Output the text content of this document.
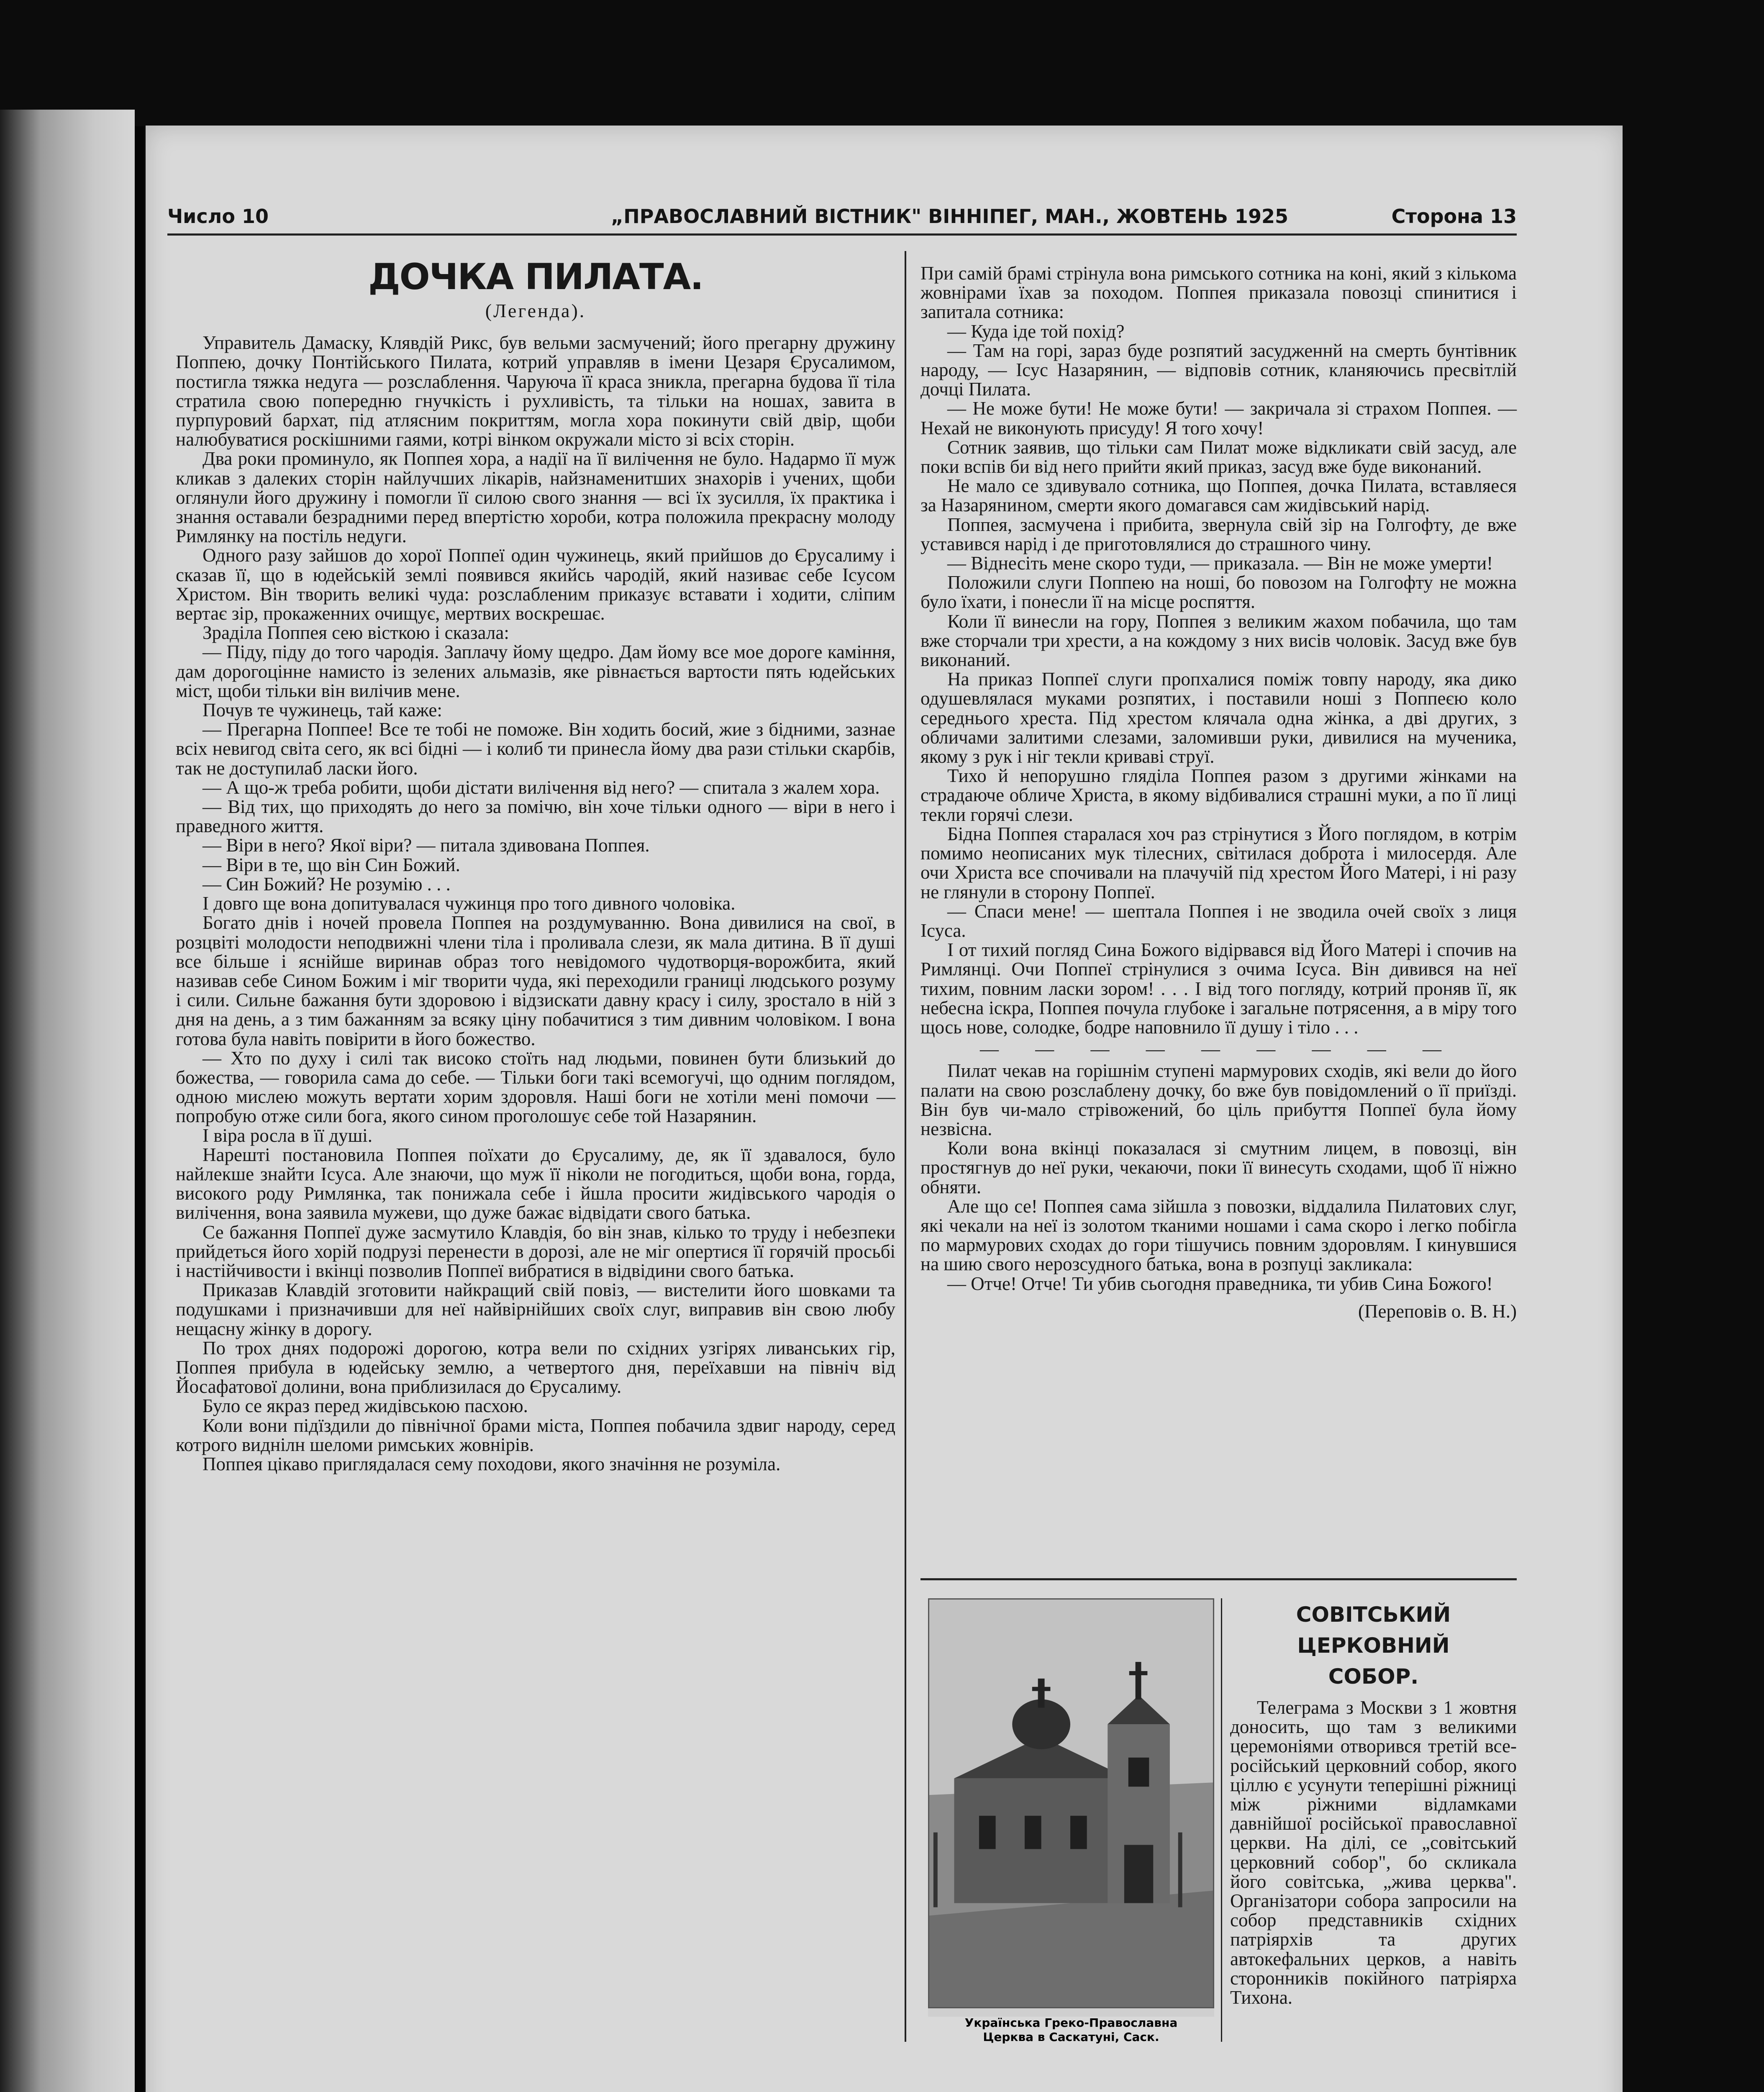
Число 10	„ПРАВОСЛАВНИЙ ВІСТНИК" ВІННІПЕГ, МАН., ЖОВТЕНЬ 1925	Сторона 13
ДОЧКА ПИЛАТА.
(Легенда).

Управитель Дамаску, Клявдій Рикс, був вельми засмучений; його прегарну дружину Поппею, дочку Понтійського Пилата, котрий управляв в імени Цезаря Єрусалимом, постигла тяжка недуга — розслаблення. Чаруюча її краса зникла, прегарна будова її тіла стратила свою попередню гнучкість і рухливість, та тільки на ношах, завита в пурпуровий бархат, під атлясним покриттям, могла хора покинути свій двір, щоби налюбуватися роскішними гаями, котрі вінком окружали місто зі всіх сторін.

Два роки проминуло, як Поппея хора, а надії на її вилічення не було. Надармо її муж кликав з далеких сторін найлучших лікарів, найзнаменитших знахорів і учених, щоби оглянули його дружину і помогли її силою свого знання — всі їх зусилля, їх практика і знання оставали безрадними перед впертістю хороби, котра положила прекрасну молоду Римлянку на постіль недуги.

Одного разу зайшов до хорої Поппеї один чужинець, який прийшов до Єрусалиму і сказав її, що в юдейській землі появився якийсь чародій, який називає себе Ісусом Христом. Він творить великі чуда: розслабленим приказує вставати і ходити, сліпим вертає зір, прокаженних очищує, мертвих воскрешає.

Зраділа Поппея сею вісткою і сказала:

— Піду, піду до того чародія. Заплачу йому щедро. Дам йому все мое дороге каміння, дам дорогоцінне намисто із зелених альмазів, яке рівнається вартости пять юдейських міст, щоби тільки він вилічив мене.

Почув те чужинець, тай каже:

— Прегарна Поппее! Все те тобі не поможе. Він ходить босий, жие з бідними, зазнае всіх невигод світа сего, як всі бідні — і колиб ти принесла йому два рази стільки скарбів, так не доступилаб ласки його.

— А що-ж треба робити, щоби дістати вилічення від него? — спитала з жалем хора.

— Від тих, що приходять до него за помічю, він хоче тільки одного — віри в него і праведного життя.

— Віри в него? Якої віри? — питала здивована Поппея.

— Віри в те, що він Син Божий.

— Син Божий? Не розумію . . .

І довго ще вона допитувалася чужинця про того дивного чоловіка.

Богато днів і ночей провела Поппея на роздумуванню. Вона дивилися на свої, в розцвіті молодости неподвижні члени тіла і проливала слези, як мала дитина. В її душі все більше і яснійше виринав образ того невідомого чудотворця-ворожбита, який називав себе Сином Божим і міг творити чуда, які переходили границі людського розуму і сили. Сильне бажання бути здоровою і відзискати давну красу і силу, зростало в ній з дня на день, а з тим бажанням за всяку ціну побачитися з тим дивним чоловіком. І вона готова була навіть повірити в його божество.

— Хто по духу і силі так високо стоїть над людьми, повинен бути близький до божества, — говорила сама до себе. — Тільки боги такі всемогучі, що одним поглядом, одною мислею можуть вертати хорим здоровля. Наші боги не хотіли мені помочи — попробую отже сили бога, якого сином проголошує себе той Назарянин.

І віра росла в її душі.

Нарешті постановила Поппея поїхати до Єрусалиму, де, як її здавалося, було найлекше знайти Ісуса. Але знаючи, що муж її ніколи не погодиться, щоби вона, горда, високого роду Римлянка, так понижала себе і йшла просити жидівського чародія о вилічення, вона заявила мужеви, що дуже бажає відвідати свого батька.

Се бажання Поппеї дуже засмутило Клавдія, бо він знав, кілько то труду і небезпеки прийдеться його хорій подрузі перенести в дорозі, але не міг опертися її горячій просьбі і настійчивости і вкінці позволив Поппеї вибратися в відвідини свого батька.

Приказав Клавдій зготовити найкращий свій повіз, — вистелити його шовками та подушками і призначивши для неї найвірнійших своїх слуг, виправив він свою любу нещасну жінку в дорогу.

По трох днях подорожі дорогою, котра вели по східних узгірях ливанських гір, Поппея прибула в юдейську землю, а четвертого дня, переїхавши на північ від Йосафатової долини, вона приблизилася до Єрусалиму.

Було се якраз перед жидівською пасхою.

Коли вони підїздили до північної брами міста, Поппея побачила здвиг народу, серед котрого виднілн шеломи римських жовнірів.

Поппея цікаво приглядалася сему походови, якого значіння не розуміла.

При самій брамі стрінула вона римського сотника на коні, який з кількома жовнірами їхав за походом. Поппея приказала повозці спинитися і запитала сотника:

— Куда іде той похід?

— Там на горі, зараз буде розпятий засудженнй на смерть бунтівник народу, — Ісус Назарянин, — відповів сотник, кланяючись пресвітлій дочці Пилата.

— Не може бути! Не може бути! — закричала зі страхом Поппея. — Нехай не виконують присуду! Я того хочу!

Сотник заявив, що тільки сам Пилат може відкликати свій засуд, але поки вспів би від него прийти який приказ, засуд вже буде виконаний.

Не мало се здивувало сотника, що Поппея, дочка Пилата, вставляеся за Назарянином, смерти якого домагався сам жидівський нарід.

Поппея, засмучена і прибита, звернула свій зір на Голгофту, де вже уставився нарід і де приготовлялися до страшного чину.

— Віднесіть мене скоро туди, — приказала. — Він не може умерти!

Положили слуги Поппею на ноші, бо повозом на Голгофту не можна було їхати, і понесли її на місце роспяття.

Коли її винесли на гору, Поппея з великим жахом побачила, що там вже сторчали три хрести, а на кождому з них висів чоловік. Засуд вже був виконаний.

На приказ Поппеї слуги пропхалися поміж товпу народу, яка дико одушевлялася муками розпятих, і поставили ноші з Поппеєю коло середнього хреста. Під хрестом клячала одна жінка, а дві других, з обличами залитими слезами, заломивши руки, дивилися на мученика, якому з рук і ніг текли криваві струї.

Тихо й непорушно гляділа Поппея разом з другими жінками на страдаюче обличе Христа, в якому відбивалися страшні муки, а по її лиці текли горячі слези.

Бідна Поппея старалася хоч раз стрінутися з Його поглядом, в котрім помимо неописаних мук тілесних, світилася доброта і милосердя. Але очи Христа все спочивали на плачучій під хрестом Його Матері, і ні разу не глянули в сторону Поппеї.

— Спаси мене! — шептала Поппея і не зводила очей своїх з лиця Ісуса.

І от тихий погляд Сина Божого відірвався від Його Матері і спочив на Римлянці. Очи Поппеї стрінулися з очима Ісуса. Він дивився на неї тихим, повним ласки зором! . . . І від того погляду, котрий проняв її, як небесна іскра, Поппея почула глубоке і загальне потрясення, а в міру того щось нове, солодке, бодре наповнило її душу і тіло . . .

— — — — — — — — —

Пилат чекав на горішнім ступені мармурових сходів, які вели до його палати на свою розслаблену дочку, бо вже був повідомлений о її приїзді. Він був чи-мало стрівожений, бо ціль прибуття Поппеї була йому незвісна.

Коли вона вкінці показалася зі смутним лицем, в повозці, він простягнув до неї руки, чекаючи, поки її винесуть сходами, щоб її ніжно обняти.

Але що се! Поппея сама зійшла з повозки, віддалила Пилатових слуг, які чекали на неї із золотом тканими ношами і сама скоро і легко побігла по мармурових сходах до гори тішучись повним здоровлям. І кинувшися на шию свого нерозсудного батька, вона в розпуці закликала:

— Отче! Отче! Ти убив сьогодня праведника, ти убив Сина Божого!

(Переповів о. В. Н.)
Українська Греко-Православна
Церква в Саскатуні, Саск.
СОВІТСЬКИЙ ЦЕРКОВНИЙ
СОБОР.

Телеграма з Москви з 1 жовтня доносить, що там з великими церемоніями отворився третій все-російський церковний собор, якого ціллю є усунути теперішні ріжниці між ріжними відламками давнійшої російської православної церкви. На ділі, се „совітський церковний собор", бо скликала його совітська, „жива церква". Організатори собора запросили на собор представників східних патріярхів та других автокефальних церков, а навіть сторонників покійного патріярха Тихона.
